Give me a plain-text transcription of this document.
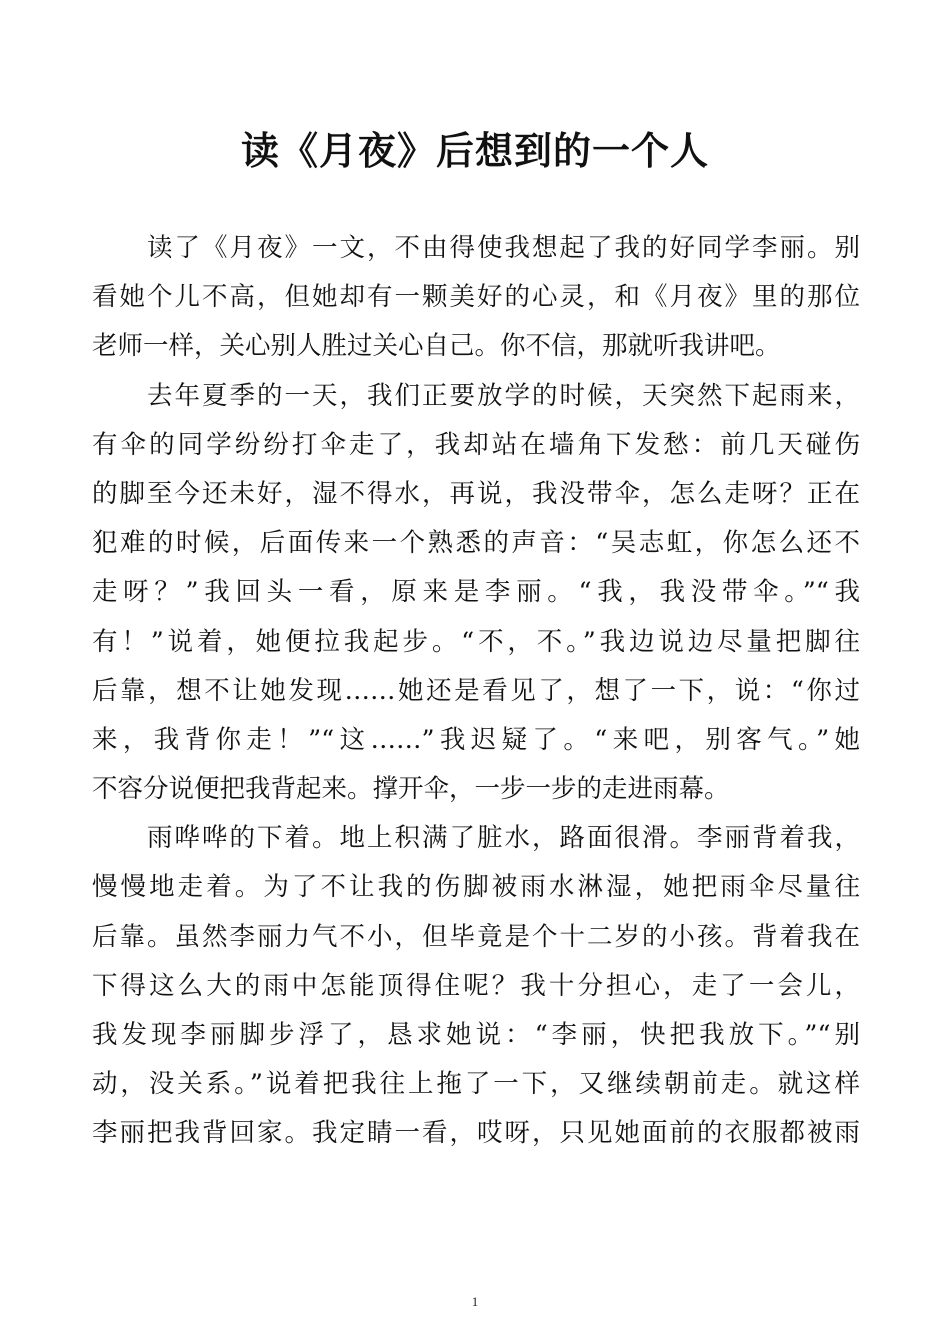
读《月夜》后想到的一个人
读了《月夜》一文，不由得使我想起了我的好同学李丽。别
看她个儿不高，但她却有一颗美好的心灵，和《月夜》里的那位
老师一样，关心别人胜过关心自己。你不信，那就听我讲吧。
去年夏季的一天，我们正要放学的时候，天突然下起雨来，
有伞的同学纷纷打伞走了，我却站在墙角下发愁：前几天碰伤
的脚至今还未好，湿不得水，再说，我没带伞，怎么走呀？正在
犯难的时候，后面传来一个熟悉的声音：“吴志虹，你怎么还不
走呀？”我回头一看，原来是李丽。“我，我没带伞。”“我
有！”说着，她便拉我起步。“不，不。”我边说边尽量把脚往
后靠，想不让她发现……她还是看见了，想了一下，说：“你过
来，我背你走！”“这……”我迟疑了。“来吧，别客气。”她
不容分说便把我背起来。撑开伞，一步一步的走进雨幕。
雨哗哗的下着。地上积满了脏水，路面很滑。李丽背着我，
慢慢地走着。为了不让我的伤脚被雨水淋湿，她把雨伞尽量往
后靠。虽然李丽力气不小，但毕竟是个十二岁的小孩。背着我在
下得这么大的雨中怎能顶得住呢？我十分担心，走了一会儿，
我发现李丽脚步浮了，恳求她说：“李丽，快把我放下。”“别
动，没关系。”说着把我往上拖了一下，又继续朝前走。就这样
李丽把我背回家。我定睛一看，哎呀，只见她面前的衣服都被雨
1
